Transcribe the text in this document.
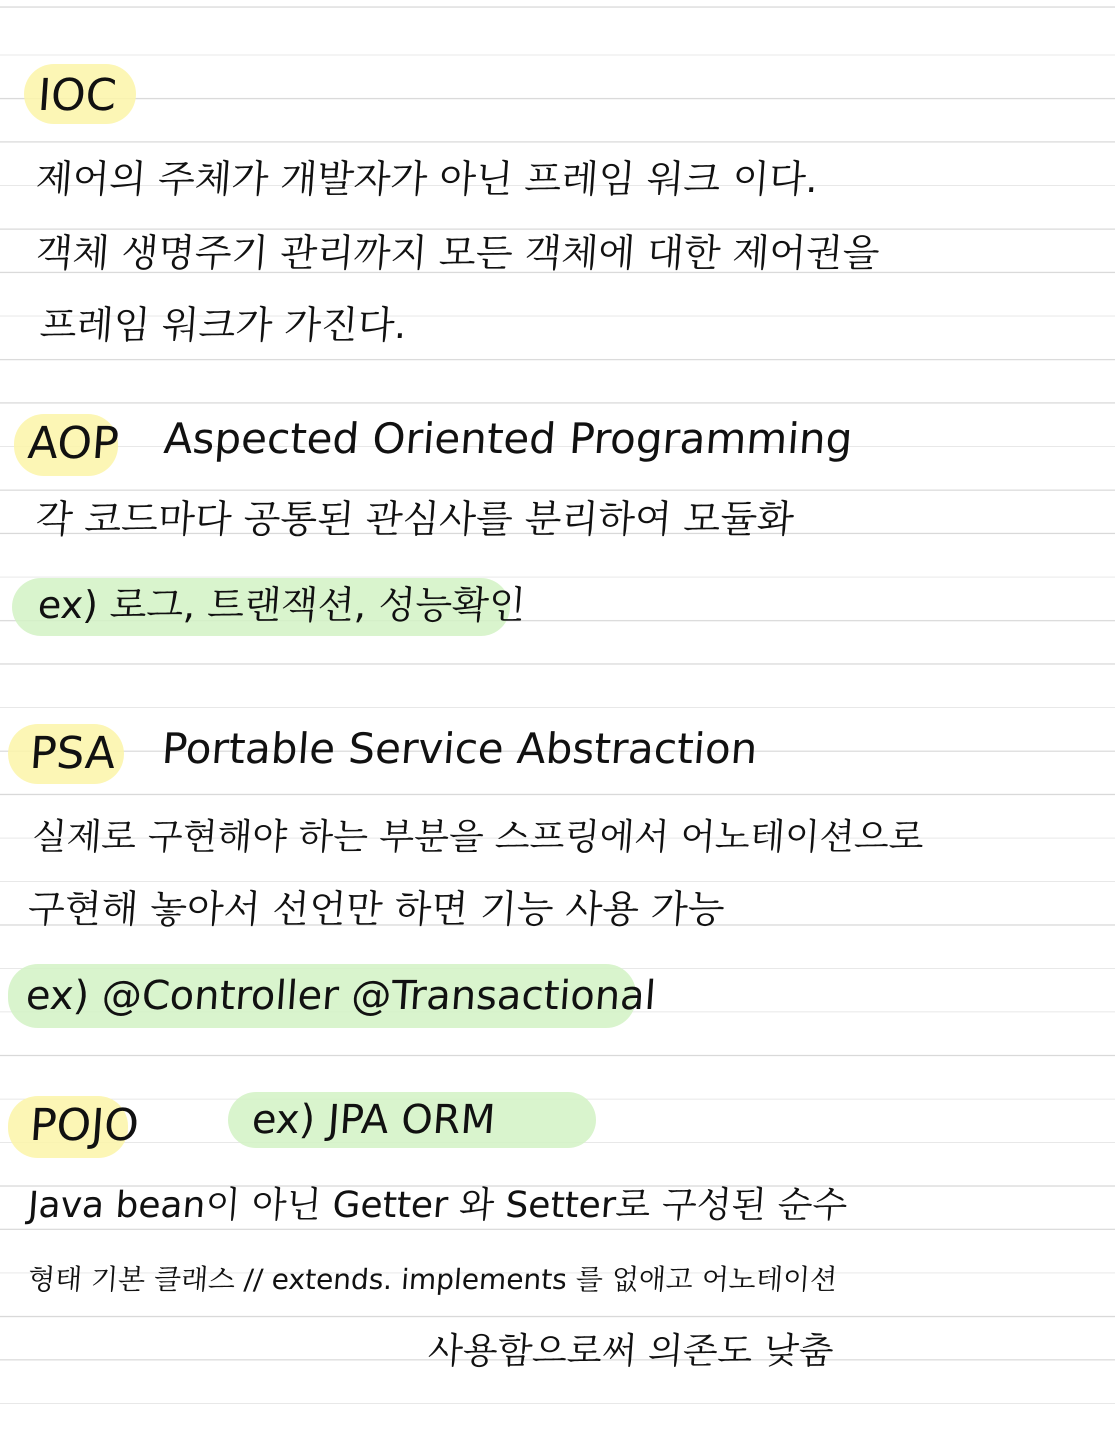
IOC
제어의 주체가 개발자가 아닌 프레임 워크 이다.
객체 생명주기 관리까지 모든 객체에 대한 제어권을
프레임 워크가 가진다.
AOP Aspected Oriented Programming
각 코드마다 공통된 관심사를 분리하여 모듈화
ex) 로그, 트랜잭션, 성능확인
PSA Portable Service Abstraction
실제로 구현해야 하는 부분을 스프링에서 어노테이션으로
구현해 놓아서 선언만 하면 기능 사용 가능
ex) @Controller @Transactional
POJO	ex) JPA ORM
Java bean이 아닌 Getter 와 Setter로 구성된 순수
형태 기본 클래스 // extends. implements 를 없애고 어노테이션
사용함으로써 의존도 낮춤
